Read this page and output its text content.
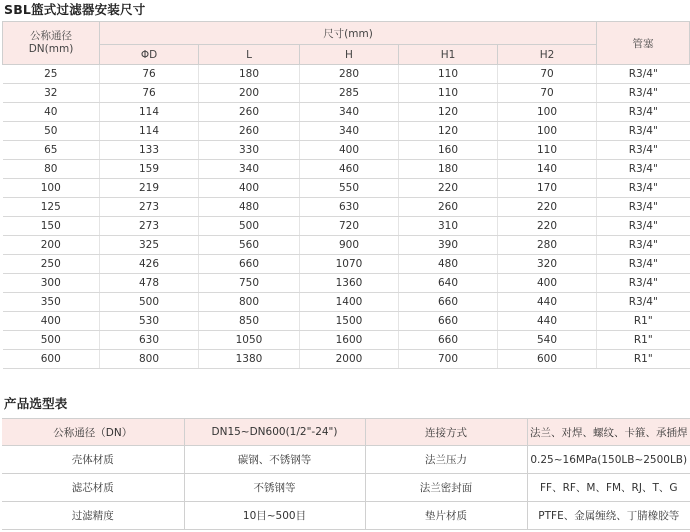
SBL篮式过滤器安装尺寸
公称通径
DN(mm)	尺寸(mm)					管塞
	ΦD	L	H	H1	H2	
25	76	180	280	110	70	R3/4"
32	76	200	285	110	70	R3/4"
40	114	260	340	120	100	R3/4"
50	114	260	340	120	100	R3/4"
65	133	330	400	160	110	R3/4"
80	159	340	460	180	140	R3/4"
100	219	400	550	220	170	R3/4"
125	273	480	630	260	220	R3/4"
150	273	500	720	310	220	R3/4"
200	325	560	900	390	280	R3/4"
250	426	660	1070	480	320	R3/4"
300	478	750	1360	640	400	R3/4"
350	500	800	1400	660	440	R3/4"
400	530	850	1500	660	440	R1"
500	630	1050	1600	660	540	R1"
600	800	1380	2000	700	600	R1"
产品选型表
公称通径（DN）	DN15~DN600(1/2"-24")	连接方式	法兰、对焊、螺纹、卡箍、承插焊
壳体材质	碳钢、不锈钢等	法兰压力	0.25~16MPa(150LB~2500LB)
滤芯材质	不锈钢等	法兰密封面	FF、RF、M、FM、RJ、T、G
过滤精度	10目~500目	垫片材质	PTFE、金属缠绕、丁腈橡胶等
